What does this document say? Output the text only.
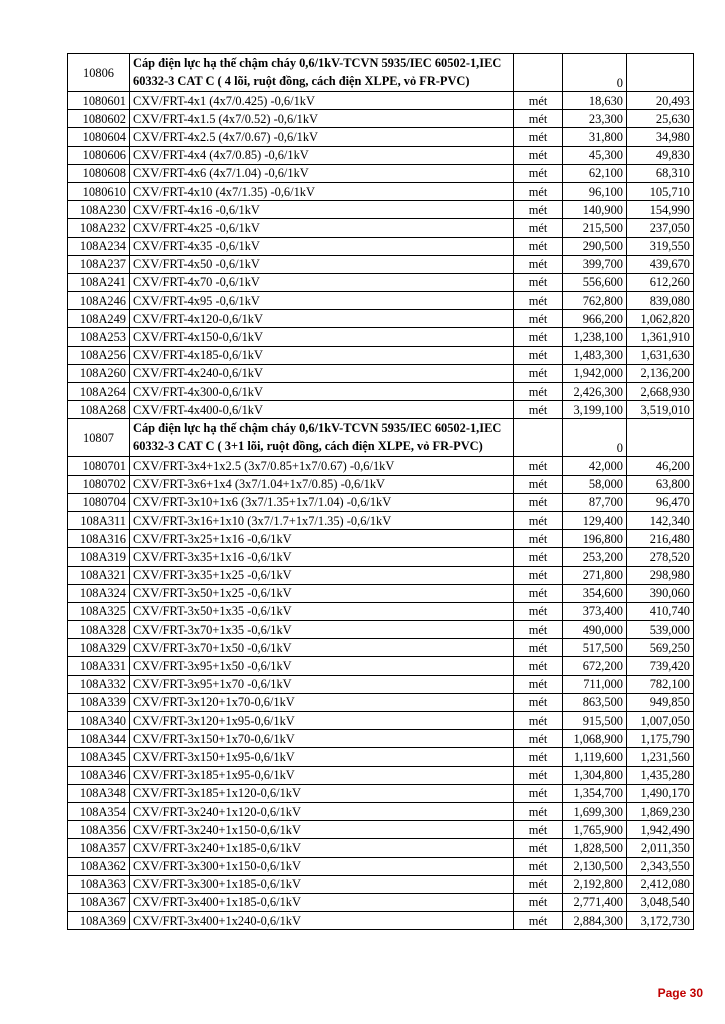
10806	Cáp điện lực hạ thế chậm cháy 0,6/1kV-TCVN 5935/IEC 60502-1,IEC 60332-3 CAT C ( 4 lõi, ruột đồng, cách điện XLPE, vỏ FR-PVC)		0	
1080601	CXV/FRT-4x1 (4x7/0.425) -0,6/1kV	mét	18,630	20,493
1080602	CXV/FRT-4x1.5 (4x7/0.52) -0,6/1kV	mét	23,300	25,630
1080604	CXV/FRT-4x2.5 (4x7/0.67) -0,6/1kV	mét	31,800	34,980
1080606	CXV/FRT-4x4 (4x7/0.85) -0,6/1kV	mét	45,300	49,830
1080608	CXV/FRT-4x6 (4x7/1.04) -0,6/1kV	mét	62,100	68,310
1080610	CXV/FRT-4x10 (4x7/1.35) -0,6/1kV	mét	96,100	105,710
108A230	CXV/FRT-4x16 -0,6/1kV	mét	140,900	154,990
108A232	CXV/FRT-4x25 -0,6/1kV	mét	215,500	237,050
108A234	CXV/FRT-4x35 -0,6/1kV	mét	290,500	319,550
108A237	CXV/FRT-4x50 -0,6/1kV	mét	399,700	439,670
108A241	CXV/FRT-4x70 -0,6/1kV	mét	556,600	612,260
108A246	CXV/FRT-4x95 -0,6/1kV	mét	762,800	839,080
108A249	CXV/FRT-4x120-0,6/1kV	mét	966,200	1,062,820
108A253	CXV/FRT-4x150-0,6/1kV	mét	1,238,100	1,361,910
108A256	CXV/FRT-4x185-0,6/1kV	mét	1,483,300	1,631,630
108A260	CXV/FRT-4x240-0,6/1kV	mét	1,942,000	2,136,200
108A264	CXV/FRT-4x300-0,6/1kV	mét	2,426,300	2,668,930
108A268	CXV/FRT-4x400-0,6/1kV	mét	3,199,100	3,519,010
10807	Cáp điện lực hạ thế chậm cháy 0,6/1kV-TCVN 5935/IEC 60502-1,IEC 60332-3 CAT C ( 3+1 lõi, ruột đồng, cách điện XLPE, vỏ FR-PVC)		0	
1080701	CXV/FRT-3x4+1x2.5 (3x7/0.85+1x7/0.67) -0,6/1kV	mét	42,000	46,200
1080702	CXV/FRT-3x6+1x4 (3x7/1.04+1x7/0.85) -0,6/1kV	mét	58,000	63,800
1080704	CXV/FRT-3x10+1x6 (3x7/1.35+1x7/1.04) -0,6/1kV	mét	87,700	96,470
108A311	CXV/FRT-3x16+1x10 (3x7/1.7+1x7/1.35) -0,6/1kV	mét	129,400	142,340
108A316	CXV/FRT-3x25+1x16 -0,6/1kV	mét	196,800	216,480
108A319	CXV/FRT-3x35+1x16 -0,6/1kV	mét	253,200	278,520
108A321	CXV/FRT-3x35+1x25 -0,6/1kV	mét	271,800	298,980
108A324	CXV/FRT-3x50+1x25 -0,6/1kV	mét	354,600	390,060
108A325	CXV/FRT-3x50+1x35 -0,6/1kV	mét	373,400	410,740
108A328	CXV/FRT-3x70+1x35 -0,6/1kV	mét	490,000	539,000
108A329	CXV/FRT-3x70+1x50 -0,6/1kV	mét	517,500	569,250
108A331	CXV/FRT-3x95+1x50 -0,6/1kV	mét	672,200	739,420
108A332	CXV/FRT-3x95+1x70 -0,6/1kV	mét	711,000	782,100
108A339	CXV/FRT-3x120+1x70-0,6/1kV	mét	863,500	949,850
108A340	CXV/FRT-3x120+1x95-0,6/1kV	mét	915,500	1,007,050
108A344	CXV/FRT-3x150+1x70-0,6/1kV	mét	1,068,900	1,175,790
108A345	CXV/FRT-3x150+1x95-0,6/1kV	mét	1,119,600	1,231,560
108A346	CXV/FRT-3x185+1x95-0,6/1kV	mét	1,304,800	1,435,280
108A348	CXV/FRT-3x185+1x120-0,6/1kV	mét	1,354,700	1,490,170
108A354	CXV/FRT-3x240+1x120-0,6/1kV	mét	1,699,300	1,869,230
108A356	CXV/FRT-3x240+1x150-0,6/1kV	mét	1,765,900	1,942,490
108A357	CXV/FRT-3x240+1x185-0,6/1kV	mét	1,828,500	2,011,350
108A362	CXV/FRT-3x300+1x150-0,6/1kV	mét	2,130,500	2,343,550
108A363	CXV/FRT-3x300+1x185-0,6/1kV	mét	2,192,800	2,412,080
108A367	CXV/FRT-3x400+1x185-0,6/1kV	mét	2,771,400	3,048,540
108A369	CXV/FRT-3x400+1x240-0,6/1kV	mét	2,884,300	3,172,730
Page 30
